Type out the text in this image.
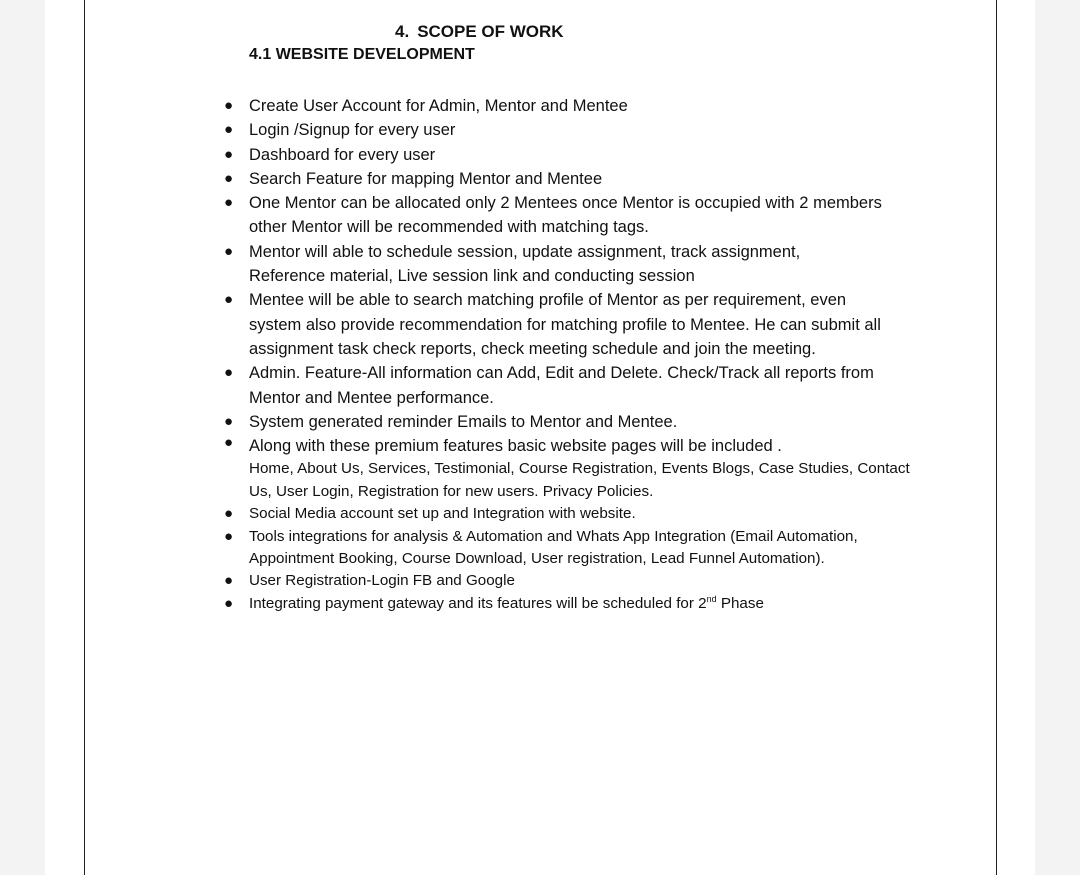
4. SCOPE OF WORK
4.1 WEBSITE DEVELOPMENT
● Create User Account for Admin, Mentor and Mentee
● Login /Signup for every user
● Dashboard for every user
● Search Feature for mapping Mentor and Mentee
● One Mentor can be allocated only 2 Mentees once Mentor is occupied with 2 members
other Mentor will be recommended with matching tags.
● Mentor will able to schedule session, update assignment, track assignment,
Reference material, Live session link and conducting session
● Mentee will be able to search matching profile of Mentor as per requirement, even
system also provide recommendation for matching profile to Mentee. He can submit all
assignment task check reports, check meeting schedule and join the meeting.
● Admin. Feature-All information can Add, Edit and Delete. Check/Track all reports from
Mentor and Mentee performance.
● System generated reminder Emails to Mentor and Mentee.
● Along with these premium features basic website pages will be included .
Home, About Us, Services, Testimonial, Course Registration, Events Blogs, Case Studies, Contact
Us, User Login, Registration for new users. Privacy Policies.
● Social Media account set up and Integration with website.
● Tools integrations for analysis & Automation and Whats App Integration (Email Automation,
Appointment Booking, Course Download, User registration, Lead Funnel Automation).
● User Registration-Login FB and Google
● Integrating payment gateway and its features will be scheduled for 2nd Phase
